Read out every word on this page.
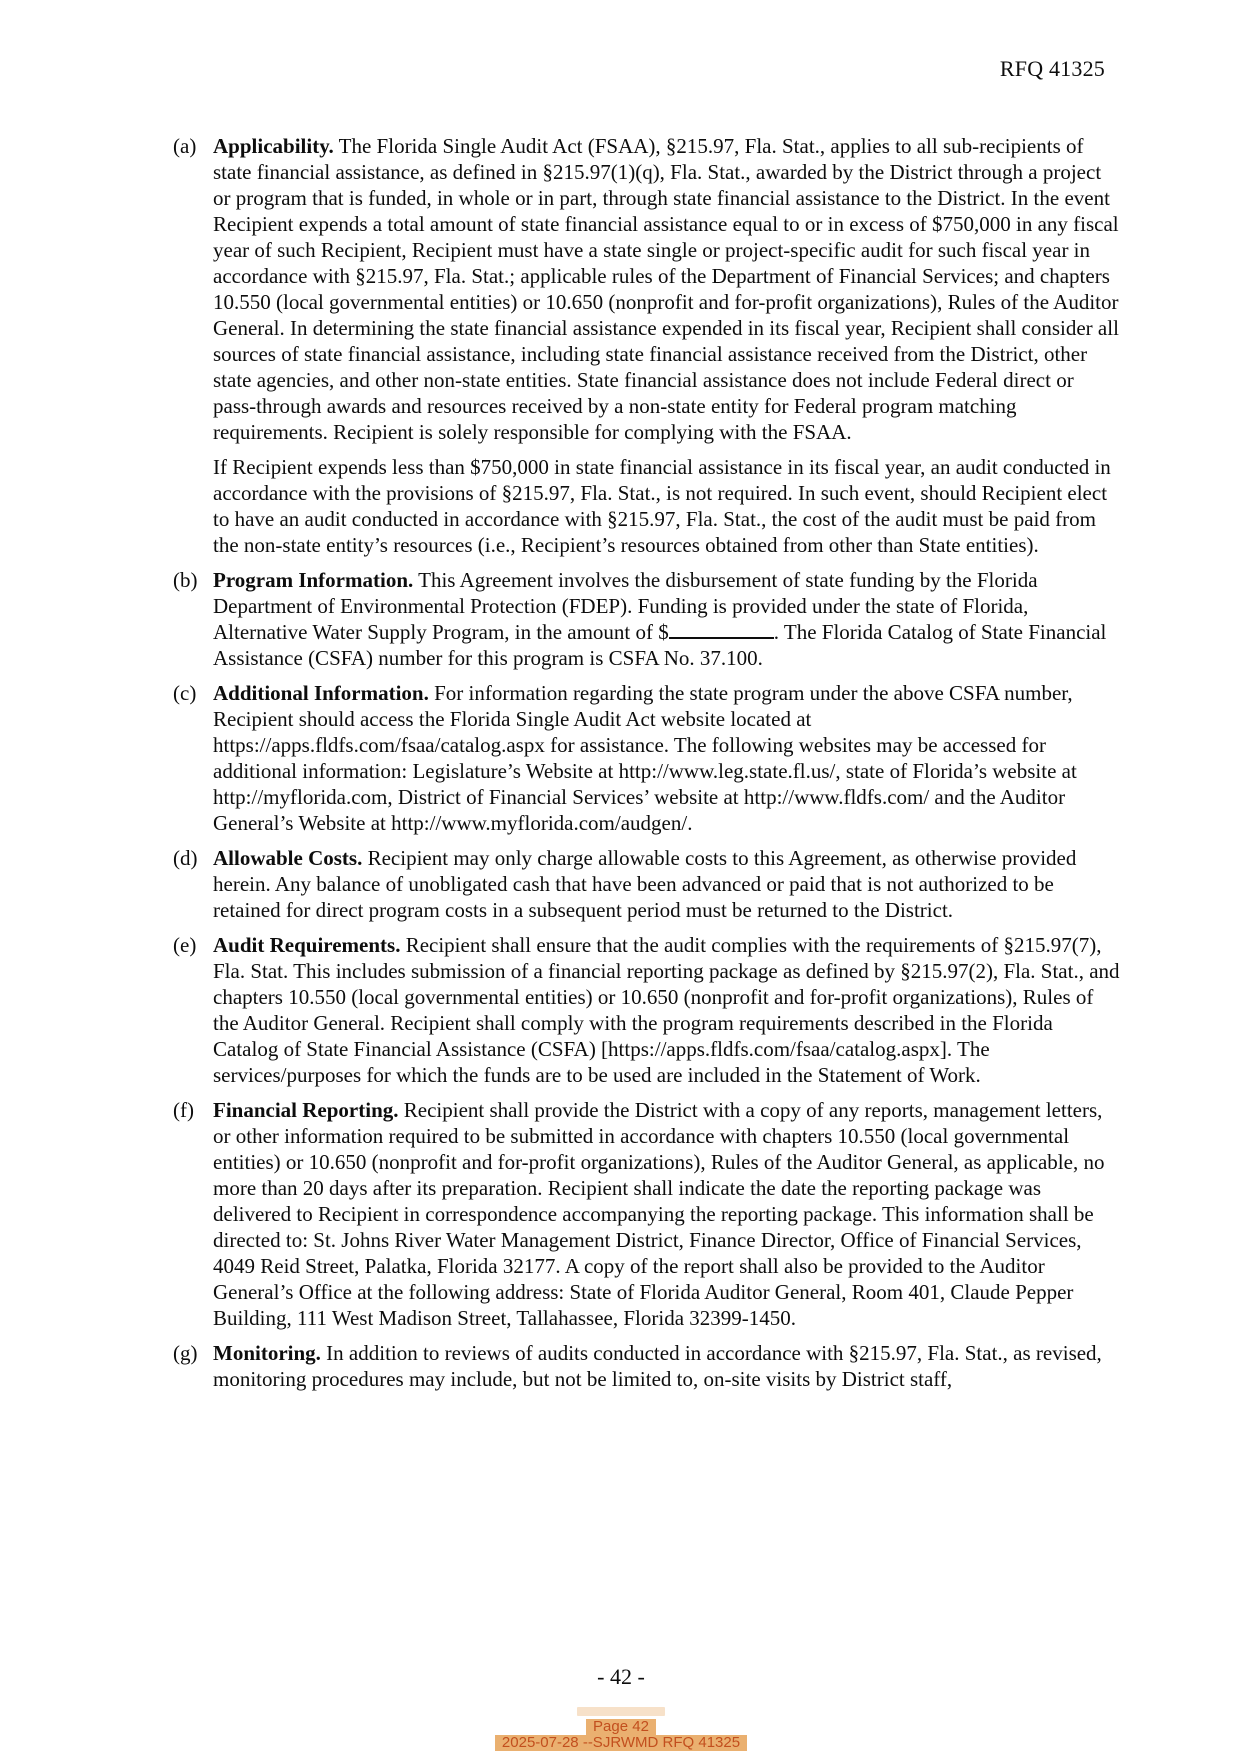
RFQ 41325
(a) Applicability. The Florida Single Audit Act (FSAA), §215.97, Fla. Stat., applies to all sub-recipients of state financial assistance, as defined in §215.97(1)(q), Fla. Stat., awarded by the District through a project or program that is funded, in whole or in part, through state financial assistance to the District. In the event Recipient expends a total amount of state financial assistance equal to or in excess of $750,000 in any fiscal year of such Recipient, Recipient must have a state single or project-specific audit for such fiscal year in accordance with §215.97, Fla. Stat.; applicable rules of the Department of Financial Services; and chapters 10.550 (local governmental entities) or 10.650 (nonprofit and for-profit organizations), Rules of the Auditor General. In determining the state financial assistance expended in its fiscal year, Recipient shall consider all sources of state financial assistance, including state financial assistance received from the District, other state agencies, and other non-state entities. State financial assistance does not include Federal direct or pass-through awards and resources received by a non-state entity for Federal program matching requirements. Recipient is solely responsible for complying with the FSAA.

If Recipient expends less than $750,000 in state financial assistance in its fiscal year, an audit conducted in accordance with the provisions of §215.97, Fla. Stat., is not required. In such event, should Recipient elect to have an audit conducted in accordance with §215.97, Fla. Stat., the cost of the audit must be paid from the non-state entity’s resources (i.e., Recipient’s resources obtained from other than State entities).

(b) Program Information. This Agreement involves the disbursement of state funding by the Florida Department of Environmental Protection (FDEP). Funding is provided under the state of Florida, Alternative Water Supply Program, in the amount of $	. The Florida Catalog of State Financial Assistance (CSFA) number for this program is CSFA No. 37.100.

(c) Additional Information. For information regarding the state program under the above CSFA number, Recipient should access the Florida Single Audit Act website located at https://apps.fldfs.com/fsaa/catalog.aspx for assistance. The following websites may be accessed for additional information: Legislature’s Website at http://www.leg.state.fl.us/, state of Florida’s website at http://myflorida.com, District of Financial Services’ website at http://www.fldfs.com/ and the Auditor General’s Website at http://www.myflorida.com/audgen/.

(d) Allowable Costs. Recipient may only charge allowable costs to this Agreement, as otherwise provided herein. Any balance of unobligated cash that have been advanced or paid that is not authorized to be retained for direct program costs in a subsequent period must be returned to the District.

(e) Audit Requirements. Recipient shall ensure that the audit complies with the requirements of §215.97(7), Fla. Stat. This includes submission of a financial reporting package as defined by §215.97(2), Fla. Stat., and chapters 10.550 (local governmental entities) or 10.650 (nonprofit and for-profit organizations), Rules of the Auditor General. Recipient shall comply with the program requirements described in the Florida Catalog of State Financial Assistance (CSFA) [https://apps.fldfs.com/fsaa/catalog.aspx]. The services/purposes for which the funds are to be used are included in the Statement of Work.

(f) Financial Reporting. Recipient shall provide the District with a copy of any reports, management letters, or other information required to be submitted in accordance with chapters 10.550 (local governmental entities) or 10.650 (nonprofit and for-profit organizations), Rules of the Auditor General, as applicable, no more than 20 days after its preparation. Recipient shall indicate the date the reporting package was delivered to Recipient in correspondence accompanying the reporting package. This information shall be directed to: St. Johns River Water Management District, Finance Director, Office of Financial Services, 4049 Reid Street, Palatka, Florida 32177. A copy of the report shall also be provided to the Auditor General’s Office at the following address: State of Florida Auditor General, Room 401, Claude Pepper Building, 111 West Madison Street, Tallahassee, Florida 32399-1450.

(g) Monitoring. In addition to reviews of audits conducted in accordance with §215.97, Fla. Stat., as revised, monitoring procedures may include, but not be limited to, on-site visits by District staff,

- 42 -
Page 42
2025-07-28 --SJRWMD RFQ 41325
